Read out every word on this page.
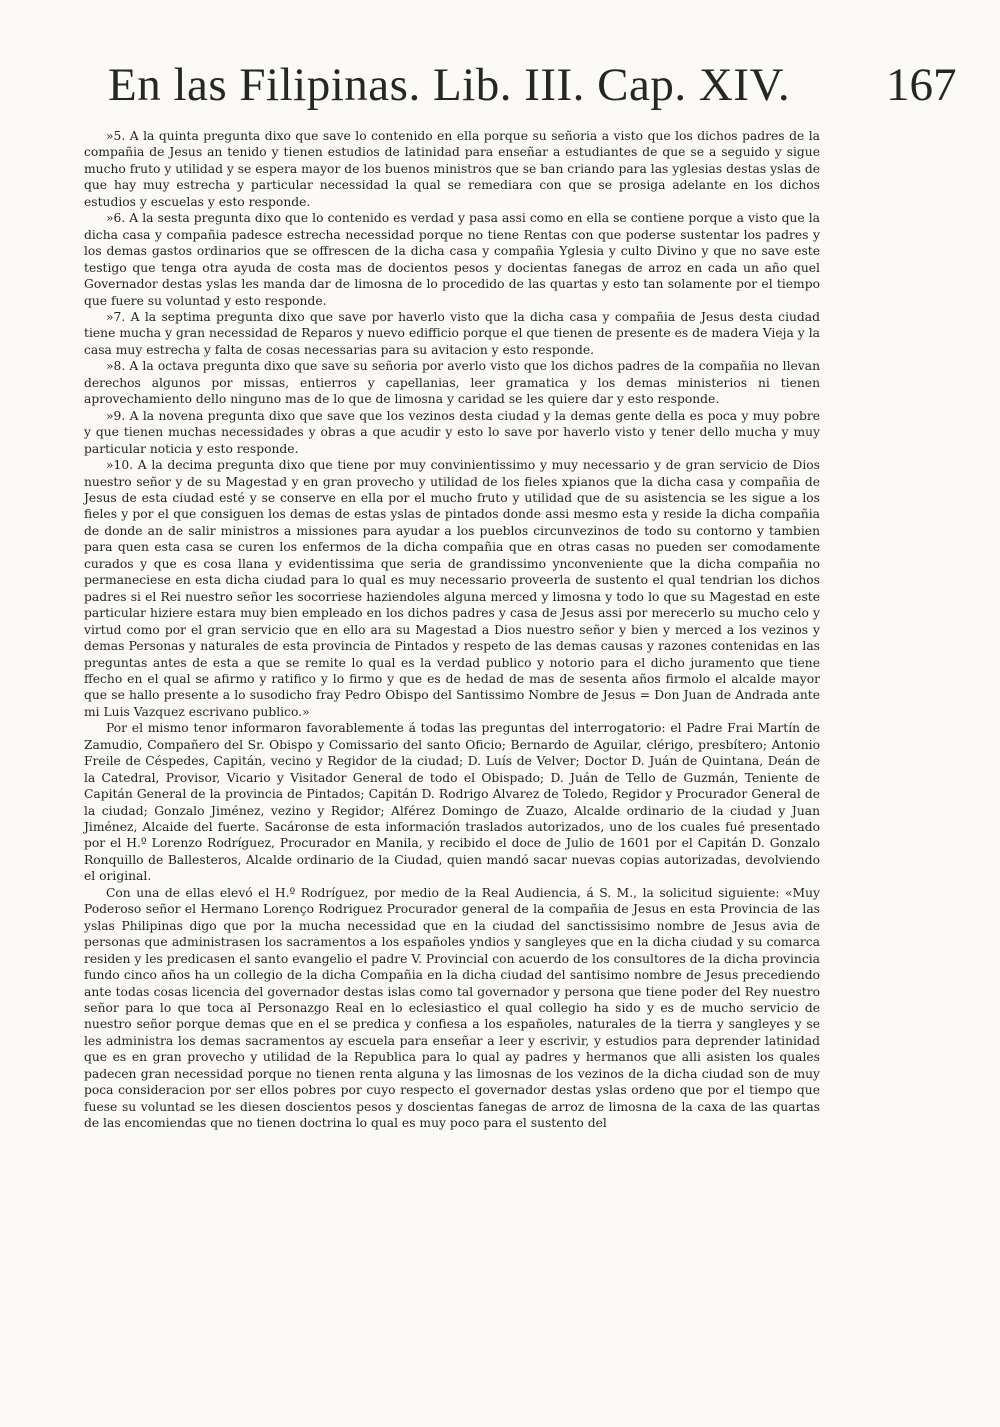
En las Filipinas. Lib. III. Cap. XIV. 167

»5. A la quinta pregunta dixo que save lo contenido en ella porque su señoria a visto que los dichos padres de la compañia de Jesus an tenido y tienen estudios de latinidad para enseñar a estudiantes de que se a seguido y sigue mucho fruto y utilidad y se espera mayor de los buenos ministros que se ban criando para las yglesias destas yslas de que hay muy estrecha y particular necessidad la qual se remediara con que se prosiga adelante en los dichos estudios y escuelas y esto responde.

»6. A la sesta pregunta dixo que lo contenido es verdad y pasa assi como en ella se contiene porque a visto que la dicha casa y compañia padesce estrecha necessidad porque no tiene Rentas con que poderse sustentar los padres y los demas gastos ordinarios que se offrescen de la dicha casa y compañia Yglesia y culto Divino y que no save este testigo que tenga otra ayuda de costa mas de docientos pesos y docientas fanegas de arroz en cada un año quel Governador destas yslas les manda dar de limosna de lo procedido de las quartas y esto tan solamente por el tiempo que fuere su voluntad y esto responde.

»7. A la septima pregunta dixo que save por haverlo visto que la dicha casa y compañia de Jesus desta ciudad tiene mucha y gran necessidad de Reparos y nuevo edifficio porque el que tienen de presente es de madera Vieja y la casa muy estrecha y falta de cosas necessarias para su avitacion y esto responde.

»8. A la octava pregunta dixo que save su señoria por averlo visto que los dichos padres de la compañia no llevan derechos algunos por missas, entierros y capellanias, leer gramatica y los demas ministerios ni tienen aprovechamiento dello ninguno mas de lo que de limosna y caridad se les quiere dar y esto responde.

»9. A la novena pregunta dixo que save que los vezinos desta ciudad y la demas gente della es poca y muy pobre y que tienen muchas necessidades y obras a que acudir y esto lo save por haverlo visto y tener dello mucha y muy particular noticia y esto responde.

»10. A la decima pregunta dixo que tiene por muy convinientissimo y muy necessario y de gran servicio de Dios nuestro señor y de su Magestad y en gran provecho y utilidad de los fieles xpianos que la dicha casa y compañia de Jesus de esta ciudad esté y se conserve en ella por el mucho fruto y utilidad que de su asistencia se les sigue a los fieles y por el que consiguen los demas de estas yslas de pintados donde assi mesmo esta y reside la dicha compañia de donde an de salir ministros a missiones para ayudar a los pueblos circunvezinos de todo su contorno y tambien para quen esta casa se curen los enfermos de la dicha compañia que en otras casas no pueden ser comodamente curados y que es cosa llana y evidentissima que seria de grandissimo ynconveniente que la dicha compañia no permaneciese en esta dicha ciudad para lo qual es muy necessario proveerla de sustento el qual tendrian los dichos padres si el Rei nuestro señor les socorriese haziendoles alguna merced y limosna y todo lo que su Magestad en este particular hiziere estara muy bien empleado en los dichos padres y casa de Jesus assi por merecerlo su mucho celo y virtud como por el gran servicio que en ello ara su Magestad a Dios nuestro señor y bien y merced a los vezinos y demas Personas y naturales de esta provincia de Pintados y respeto de las demas causas y razones contenidas en las preguntas antes de esta a que se remite lo qual es la verdad publico y notorio para el dicho juramento que tiene ffecho en el qual se afirmo y ratifico y lo firmo y que es de hedad de mas de sesenta años firmolo el alcalde mayor que se hallo presente a lo susodicho fray Pedro Obispo del Santissimo Nombre de Jesus = Don Juan de Andrada ante mi Luis Vazquez escrivano publico.»

Por el mismo tenor informaron favorablemente á todas las preguntas del interrogatorio: el Padre Frai Martín de Zamudio, Compañero del Sr. Obispo y Comissario del santo Oficio; Bernardo de Aguilar, clérigo, presbítero; Antonio Freile de Céspedes, Capitán, vecino y Regidor de la ciudad; D. Luís de Velver; Doctor D. Juán de Quintana, Deán de la Catedral, Provisor, Vicario y Visitador General de todo el Obispado; D. Juán de Tello de Guzmán, Teniente de Capitán General de la provincia de Pintados; Capitán D. Rodrigo Alvarez de Toledo, Regidor y Procurador General de la ciudad; Gonzalo Jiménez, vezino y Regidor; Alférez Domingo de Zuazo, Alcalde ordinario de la ciudad y Juan Jiménez, Alcaide del fuerte. Sacáronse de esta información traslados autorizados, uno de los cuales fué presentado por el H.º Lorenzo Rodríguez, Procurador en Manila, y recibido el doce de Julio de 1601 por el Capitán D. Gonzalo Ronquillo de Ballesteros, Alcalde ordinario de la Ciudad, quien mandó sacar nuevas copias autorizadas, devolviendo el original.

Con una de ellas elevó el H.º Rodríguez, por medio de la Real Audiencia, á S. M., la solicitud siguiente: «Muy Poderoso señor el Hermano Lorenço Rodriguez Procurador general de la compañia de Jesus en esta Provincia de las yslas Philipinas digo que por la mucha necessidad que en la ciudad del sanctissisimo nombre de Jesus avia de personas que administrasen los sacramentos a los españoles yndios y sangleyes que en la dicha ciudad y su comarca residen y les predicasen el santo evangelio el padre V. Provincial con acuerdo de los consultores de la dicha provincia fundo cinco años ha un collegio de la dicha Compañia en la dicha ciudad del santisimo nombre de Jesus precediendo ante todas cosas licencia del governador destas islas como tal governador y persona que tiene poder del Rey nuestro señor para lo que toca al Personazgo Real en lo eclesiastico el qual collegio ha sido y es de mucho servicio de nuestro señor porque demas que en el se predica y confiesa a los españoles, naturales de la tierra y sangleyes y se les administra los demas sacramentos ay escuela para enseñar a leer y escrivir, y estudios para deprender latinidad que es en gran provecho y utilidad de la Republica para lo qual ay padres y hermanos que alli asisten los quales padecen gran necessidad porque no tienen renta alguna y las limosnas de los vezinos de la dicha ciudad son de muy poca consideracion por ser ellos pobres por cuyo respecto el governador destas yslas ordeno que por el tiempo que fuese su voluntad se les diesen doscientos pesos y doscientas fanegas de arroz de limosna de la caxa de las quartas de las encomiendas que no tienen doctrina lo qual es muy poco para el sustento del
